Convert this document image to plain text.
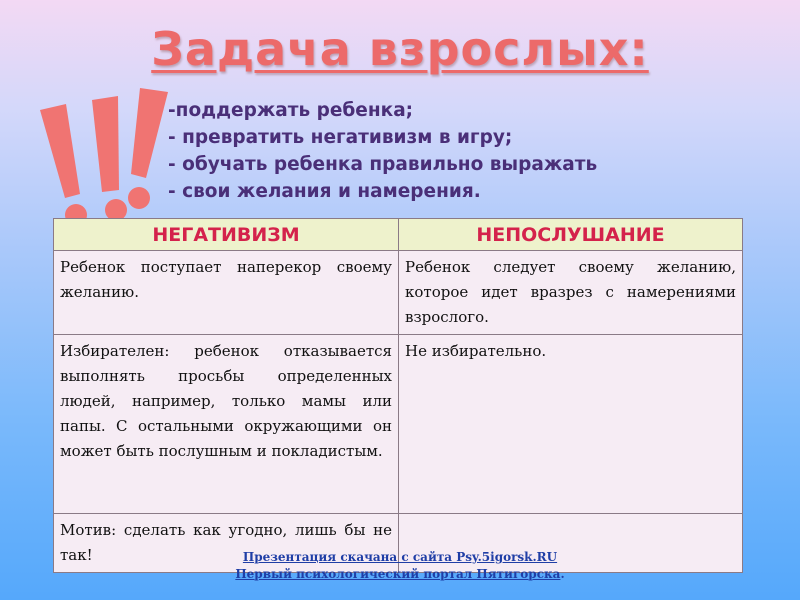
Задача взрослых:
-поддержать ребенка;
- превратить негативизм в игру;
- обучать ребенка правильно выражать
- свои желания и намерения.
НЕГАТИВИЗМ	НЕПОСЛУШАНИЕ
Ребенок поступает наперекор своему желанию.	Ребенок следует своему желанию, которое идет вразрез с намерениями взрослого.
Избирателен: ребенок отказывается выполнять просьбы определенных людей, например, только мамы или папы. С остальными окружающими он может быть послушным и покладистым.	Не избирательно.
Мотив: сделать как угодно, лишь бы не так!		Презентация скачана с сайта Psy.5igorsk.RU
Первый психологический портал Пятигорска.
